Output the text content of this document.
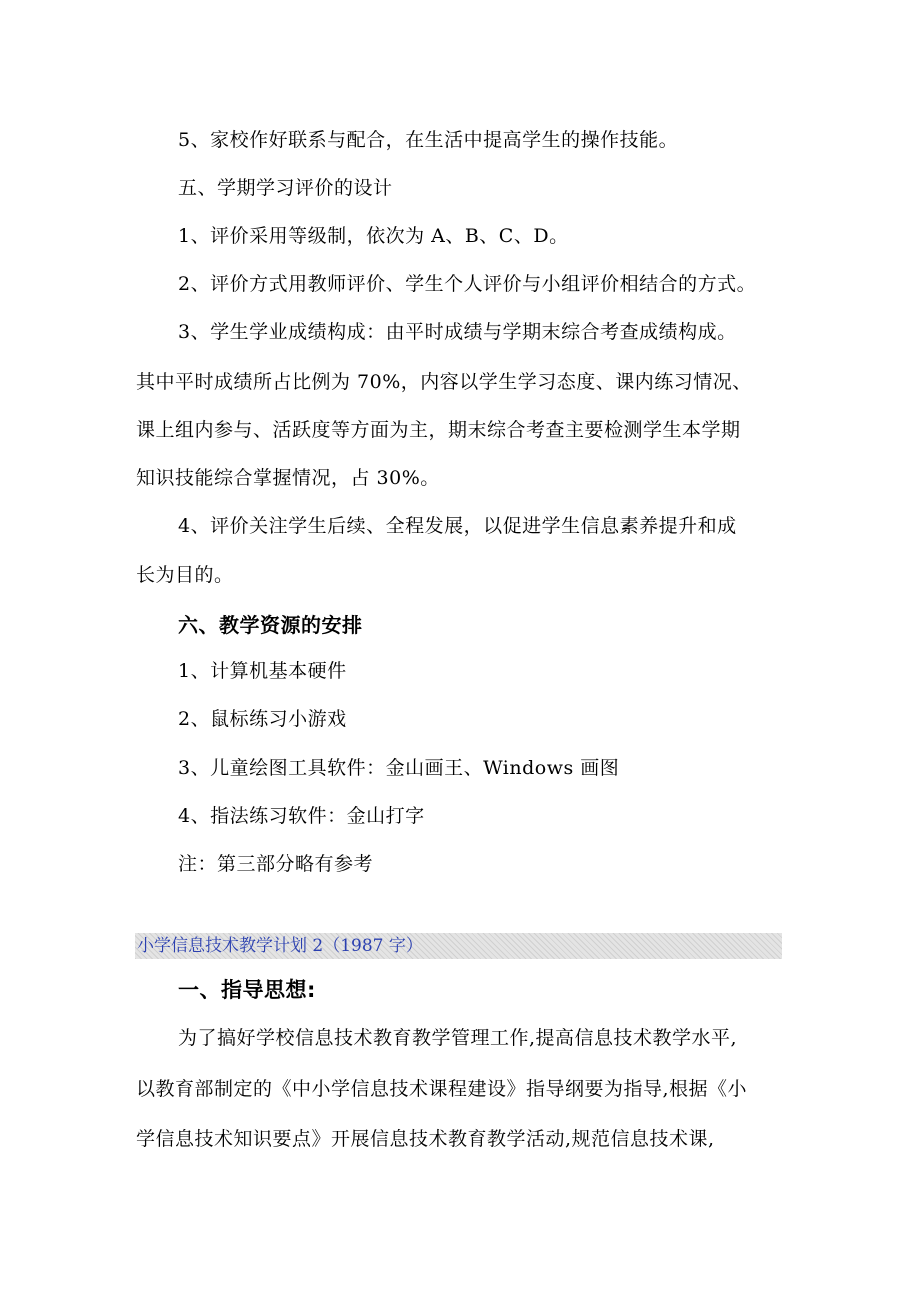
5、家校作好联系与配合，在生活中提高学生的操作技能。
五、学期学习评价的设计
1、评价采用等级制，依次为 A、B、C、D。
2、评价方式用教师评价、学生个人评价与小组评价相结合的方式。
3、学生学业成绩构成：由平时成绩与学期末综合考查成绩构成。
其中平时成绩所占比例为 70%，内容以学生学习态度、课内练习情况、
课上组内参与、活跃度等方面为主，期末综合考查主要检测学生本学期
知识技能综合掌握情况，占 30%。
4、评价关注学生后续、全程发展，以促进学生信息素养提升和成
长为目的。
六、教学资源的安排
1、计算机基本硬件
2、鼠标练习小游戏
3、儿童绘图工具软件：金山画王、Windows 画图
4、指法练习软件：金山打字
注：第三部分略有参考
小学信息技术教学计划 2（1987 字）
一、指导思想:
为了搞好学校信息技术教育教学管理工作,提高信息技术教学水平,
以教育部制定的《中小学信息技术课程建设》指导纲要为指导,根据《小
学信息技术知识要点》开展信息技术教育教学活动,规范信息技术课,
